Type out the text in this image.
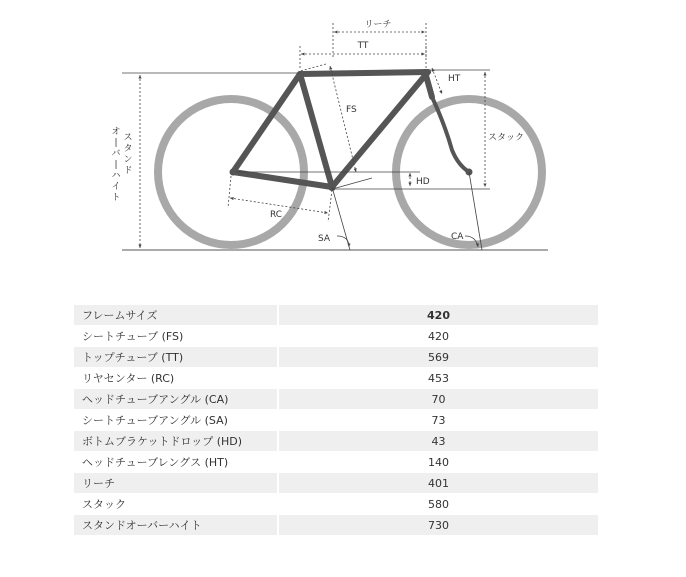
リーチ
TT
HT
FS
スタック
HD
RC
SA	CA
スタンド
オ|バ|ハイト
フレームサイズ		420
シートチューブ (FS)		420
トップチューブ (TT)		569
リヤセンター (RC)		453
ヘッドチューブアングル (CA)		70
シートチューブアングル (SA)		73
ボトムブラケットドロップ (HD)		43
ヘッドチューブレングス (HT)		140
リーチ		401
スタック		580
スタンドオーバーハイト		730
